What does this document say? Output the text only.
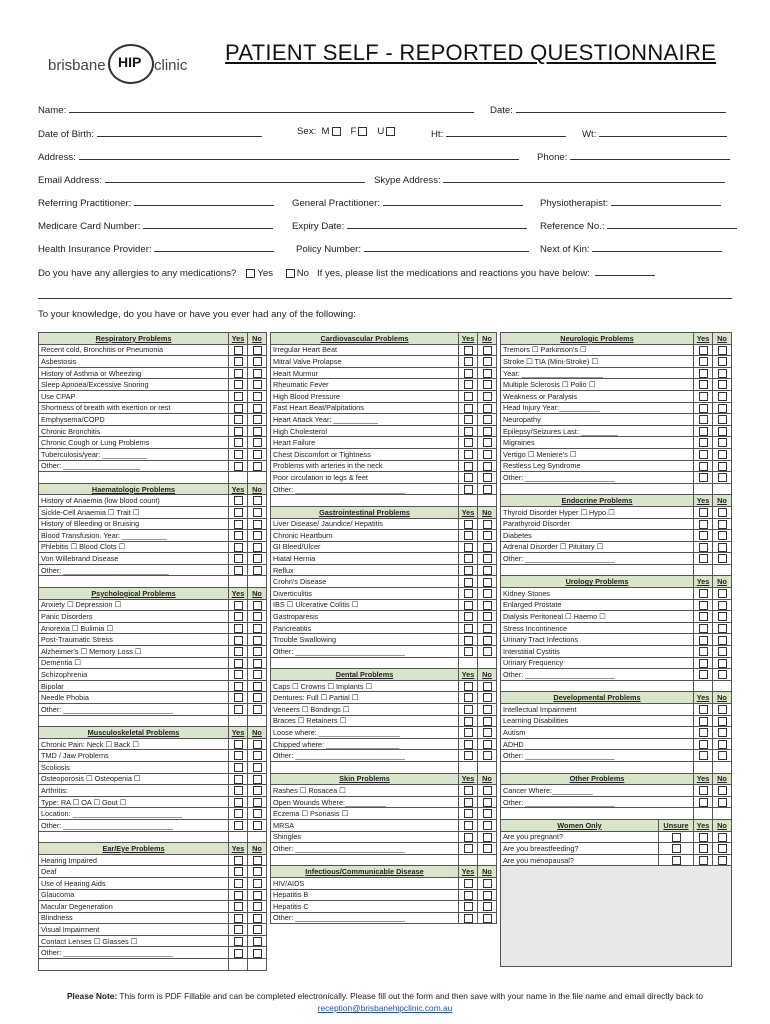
brisbane HIP clinic
PATIENT SELF - REPORTED QUESTIONNAIRE
Name:	Date:
Date of Birth:	Sex: M F U	Ht:	Wt:
Address:	Phone:
Email Address:	Skype Address:
Referring Practitioner:	General Practitioner:	Physiotherapist:
Medicare Card Number:	Expiry Date:	Reference No.:
Health Insurance Provider:	Policy Number:	Next of Kin:
Do you have any allergies to any medications? Yes No If yes, please list the medications and reactions you have below:
To your knowledge, do you have or have you ever had any of the following:
Respiratory Problems	Yes	No
Recent cold, Bronchitis or Pneumonia		
Asbestosis		
History of Asthma or Wheezing		
Sleep Apnoea/Excessive Snoring		
Use CPAP		
Shortness of breath with exertion or rest		
Emphysema/COPD		
Chronic Bronchitis		
Chronic Cough or Lung Problems		
Tuberculosis/year: ___________		
Other: ___________________		

Haematologic Problems	Yes	No
History of Anaemia (low blood count)		
Sickle-Cell Anaemia ☐ Trait ☐		
History of Bleeding or Bruising		
Blood Transfusion. Year: ___________		
Phlebitis ☐ Blood Clots ☐		
Von Willebrand Disease		
Other: __________________________		

Psychological Problems	Yes	No
Anxiety ☐ Depression ☐		
Panic Disorders		
Anorexia ☐ Bulimia ☐		
Post-Traumatic Stress		
Alzheimer's ☐ Memory Loss ☐		
Dementia ☐		
Schizophrenia		
Bipolar		
Needle Phobia		
Other: ___________________________		

Musculoskeletal Problems	Yes	No
Chronic Pain: Neck ☐ Back ☐		
TMD / Jaw Problems		
Scoliosis		
Osteoporosis ☐ Osteopenia ☐		
Arthritis:		
Type: RA ☐ OA ☐ Gout ☐		
Location: ___________________________		
Other: ___________________________		

Ear/Eye Problems	Yes	No
Hearing Impaired		
Deaf		
Use of Hearing Aids		
Glaucoma		
Macular Degeneration		
Blindness		
Visual Impairment		
Contact Lenses ☐ Glasses ☐		
Other: ___________________________		

Cardiovascular Problems	Yes	No
Irregular Heart Beat		
Mitral Valve Prolapse		
Heart Murmur		
Rheumatic Fever		
High Blood Pressure		
Fast Heart Beat/Palpitations		
Heart Attack Year: ___________		
High Cholesterol		
Heart Failure		
Chest Discomfort or Tightness		
Problems with arteries in the neck		
Poor circulation to legs & feet		
Other: ___________________________		

Gastrointestinal Problems	Yes	No
Liver Disease/ Jaundice/ Hepatitis		
Chronic Heartburn		
GI Bleed/Ulcer		
Hiatal Hernia		
Reflux		
Crohn's Disease		
Diverticulitis		
IBS ☐ Ulcerative Colitis ☐		
Gastroparesis		
Pancreatitis		
Trouble Swallowing		
Other: ___________________________		

Dental Problems	Yes	No
Caps ☐ Crowns ☐ Implants ☐		
Dentures: Full ☐ Partial ☐		
Veneers ☐ Bondings ☐		
Braces ☐ Retainers ☐		
Loose where: ____________________		
Chipped where: __________________		
Other: ___________________________		

Skin Problems	Yes	No
Rashes ☐ Rosacea ☐		
Open Wounds Where:__________		
Eczema ☐ Psoriasis ☐		
MRSA		
Shingles		
Other: ___________________________		

Infectious/Communicable Disease	Yes	No
HIV/AIDS		
Hepatitis B		
Hepatitis C		
Other: ___________________________		
Neurologic Problems		Yes	No
Tremors ☐ Parkinson's ☐			
Stroke ☐ TIA (Mini-Stroke) ☐			
Year: ____________________			
Multiple Sclerosis ☐ Polio ☐			
Weakness or Paralysis			
Head Injury Year:__________			
Neuropathy			
Epilepsy/Seizures Last: _________			
Migraines			
Vertigo ☐ Meniere's ☐			
Restless Leg Syndrome			
Other: ______________________			

Endocrine Problems		Yes	No
Thyroid Disorder Hyper ☐ Hypo ☐			
Parathyroid Disorder			
Diabetes			
Adrenal Disorder ☐ Pituitary ☐			
Other: ______________________			

Urology Problems		Yes	No
Kidney Stones			
Enlarged Prostate			
Dialysis Peritoneal ☐ Haemo ☐			
Stress Incontinence			
Urinary Tract Infections			
Interstitial Cystitis			
Urinary Frequency			
Other: ______________________			

Developmental Problems		Yes	No
Intellectual Impairment			
Learning Disabilities			
Autism			
ADHD			
Other: ______________________			

Other Problems		Yes	No
Cancer Where:__________			
Other: ______________________			

Women Only	Unsure	Yes	No
Are you pregnant?			
Are you breastfeeding?			
Are you menopausal?			

Please Note: This form is PDF Fillable and can be completed electronically. Please fill out the form and then save with your name in the file name and email directly back to reception@brisbanehipclinic.com.au
